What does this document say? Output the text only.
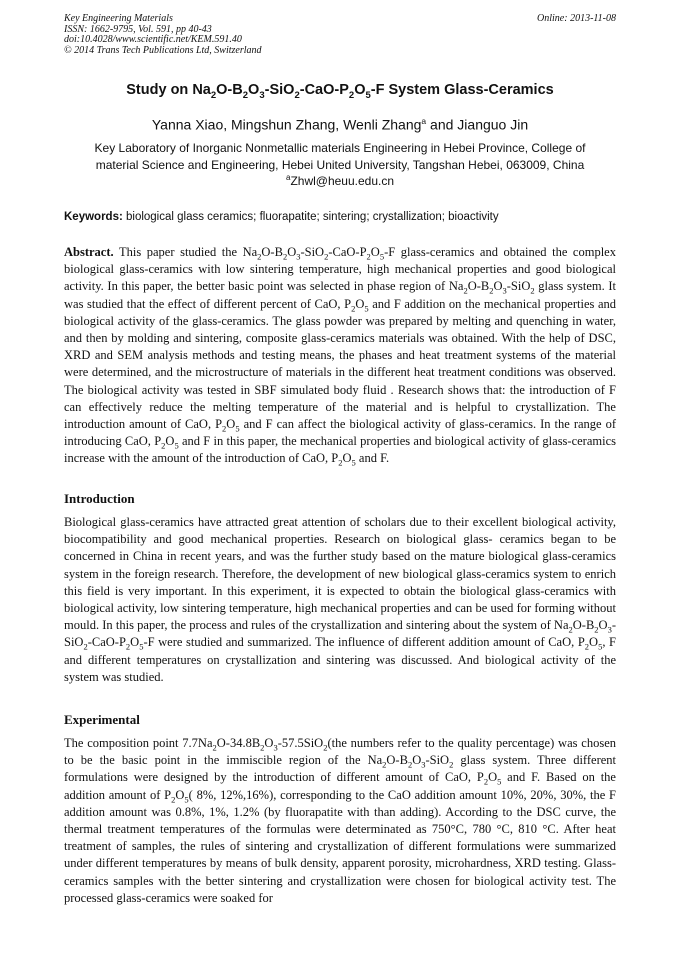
Key Engineering Materials
ISSN: 1662-9795, Vol. 591, pp 40-43
doi:10.4028/www.scientific.net/KEM.591.40
© 2014 Trans Tech Publications Ltd, Switzerland
Online: 2013-11-08
Study on $Na_2O-B_2O_3-SiO_2-CaO-P_2O_5-F$ System Glass-Ceramics
Yanna Xiao, Mingshun Zhang, Wenli Zhang$^a$ and Jianguo Jin
Key Laboratory of Inorganic Nonmetallic materials Engineering in Hebei Province, College of
material Science and Engineering, Hebei United University, Tangshan Hebei, 063009, China
$^a$Zhwl@heuu.edu.cn
Keywords: biological glass ceramics; fluorapatite; sintering; crystallization; bioactivity

Abstract. This paper studied the $Na_2O-B_2O_3-SiO_2-CaO-P_2O_5-F$ glass-ceramics and obtained the complex biological glass-ceramics with low sintering temperature, high mechanical properties and good biological activity. In this paper, the better basic point was selected in phase region of $Na_2O-B_2O_3-SiO_2$ glass system. It was studied that the effect of different percent of CaO, $P_2O_5$ and F addition on the mechanical properties and biological activity of the glass-ceramics. The glass powder was prepared by melting and quenching in water, and then by molding and sintering, composite glass-ceramics materials was obtained. With the help of DSC, XRD and SEM analysis methods and testing means, the phases and heat treatment systems of the material were determined, and the microstructure of materials in the different heat treatment conditions was observed. The biological activity was tested in SBF simulated body fluid . Research shows that: the introduction of F can effectively reduce the melting temperature of the material and is helpful to crystallization. The introduction amount of CaO, $P_2O_5$ and F can affect the biological activity of glass-ceramics. In the range of introducing CaO, $P_2O_5$ and F in this paper, the mechanical properties and biological activity of glass-ceramics increase with the amount of the introduction of CaO, $P_2O_5$ and F.

Introduction

Biological glass-ceramics have attracted great attention of scholars due to their excellent biological activity, biocompatibility and good mechanical properties. Research on biological glass- ceramics began to be concerned in China in recent years, and was the further study based on the mature biological glass-ceramics system in the foreign research. Therefore, the development of new biological glass-ceramics system to enrich this field is very important. In this experiment, it is expected to obtain the biological glass-ceramics with biological activity, low sintering temperature, high mechanical properties and can be used for forming without mould. In this paper, the process and rules of the crystallization and sintering about the system of $Na_2O-B_2O_3-SiO_2-CaO-P_2O_5-F$ were studied and summarized. The influence of different addition amount of CaO, $P_2O_5$, F and different temperatures on crystallization and sintering was discussed. And biological activity of the system was studied.

Experimental

The composition point $7.7Na_2O-34.8B_2O_3-57.5SiO_2(the$ numbers refer to the quality percentage) was chosen to be the basic point in the immiscible region of the $Na_2O-B_2O_3-SiO_2$ glass system. Three different formulations were designed by the introduction of different amount of CaO, $P_2O_5$ and F. Based on the addition amount of $P_2O_5$( 8%, 12%,16%), corresponding to the CaO addition amount 10%, 20%, 30%, the F addition amount was 0.8%, 1%, 1.2% (by fluorapatite with than adding). According to the DSC curve, the thermal treatment temperatures of the formulas were determinated as 750°C, 780 °C, 810 °C. After heat treatment of samples, the rules of sintering and crystallization of different formulations were summarized under different temperatures by means of bulk density, apparent porosity, microhardness, XRD testing. Glass-ceramics samples with the better sintering and crystallization were chosen for biological activity test. The processed glass-ceramics were soaked for
